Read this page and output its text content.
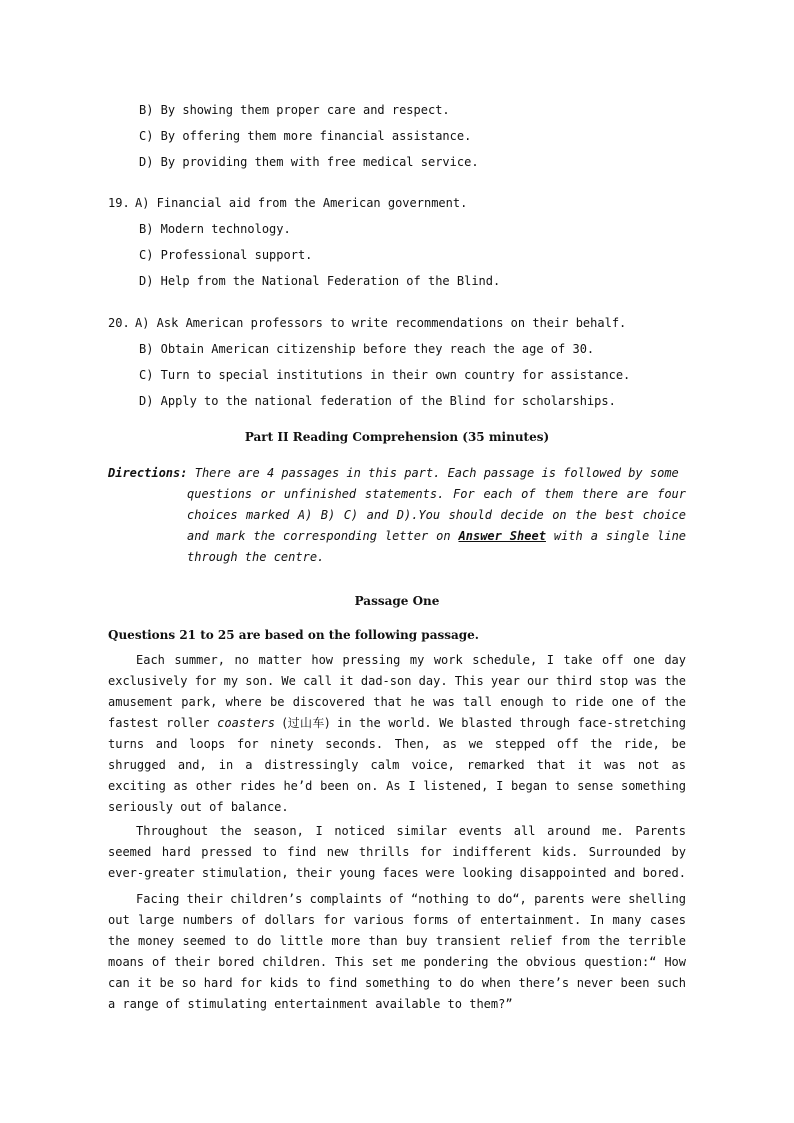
B) By showing them proper care and respect.
C) By offering them more financial assistance.
D) By providing them with free medical service.
19. A) Financial aid from the American government.
B) Modern technology.
C) Professional support.
D) Help from the National Federation of the Blind.
20. A) Ask American professors to write recommendations on their behalf.
B) Obtain American citizenship before they reach the age of 30.
C) Turn to special institutions in their own country for assistance.
D) Apply to the national federation of the Blind for scholarships.
Part II Reading Comprehension (35 minutes)
Directions: There are 4 passages in this part. Each passage is followed by some
questions or unfinished statements. For each of them there are four choices marked A) B) C) and D).You should decide on the best choice and mark the corresponding letter on Answer Sheet with a single line through the centre.
Passage One
Questions 21 to 25 are based on the following passage.
Each summer, no matter how pressing my work schedule, I take off one day exclusively for my son. We call it dad-son day. This year our third stop was the amusement park, where be discovered that he was tall enough to ride one of the fastest roller coasters (过山车) in the world. We blasted through face-stretching turns and loops for ninety seconds. Then, as we stepped off the ride, be shrugged and, in a distressingly calm voice, remarked that it was not as exciting as other rides he’d been on. As I listened, I began to sense something seriously out of balance.
Throughout the season, I noticed similar events all around me. Parents seemed hard pressed to find new thrills for indifferent kids. Surrounded by ever-greater stimulation, their young faces were looking disappointed and bored.
Facing their children’s complaints of “nothing to do“, parents were shelling out large numbers of dollars for various forms of entertainment. In many cases the money seemed to do little more than buy transient relief from the terrible moans of their bored children. This set me pondering the obvious question:“ How can it be so hard for kids to find something to do when there’s never been such a range of stimulating entertainment available to them?”
